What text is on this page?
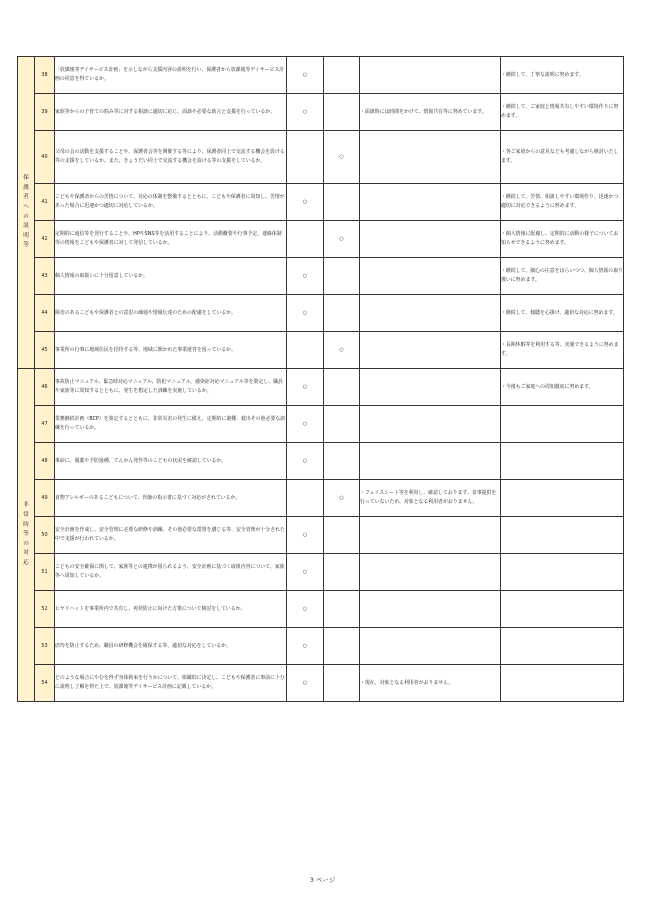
保護者への説明等	38	「放課後等デイサービス計画」を示しながら支援内容の説明を行い、保護者から放課後等デイサービス計画の同意を得ているか。	○			・継続して、丁寧な説明に努めます。
	39	家族等からの子育ての悩み等に対する相談に適切に応じ、面談や必要な助言と支援を行っているか。	○		・面談時には時間をかけて、情報共有等に努めています。	・継続して、ご家庭と情報共有しやすい環境作りに努めます。
	40	父母の会の活動を支援することや、保護者会等を開催する等により、保護者同士で交流する機会を設ける等の支援をしているか。また、きょうだい同士で交流する機会を設ける等の支援をしているか。		○		・各ご家庭からの意見なども考慮しながら検討いたします。
	41	こどもや保護者からの苦情について、対応の体制を整備するとともに、こどもや保護者に周知し、苦情があった場合に迅速かつ適切に対応しているか。	○			・継続して、苦情、相談しやすい環境作り、迅速かつ適切に対応できるように努めます。
	42	定期的に通信等を発行することや、HPやSNS等を活用することにより、活動概要や行事予定、連絡体制等の情報をこどもや保護者に対して発信しているか。		○		・個人情報に配慮し、定期的に活動の様子についてお知らせできるように努めます。
	43	個人情報の取扱いに十分留意しているか。	○			・継続して、細心の注意をはらいつつ、個人情報の取り扱いに努めます。
	44	障害のあるこどもや保護者との意思の疎通や情報伝達のための配慮をしているか。	○			・継続して、傾聴を心掛け、適切な対応に努めます。
	45	事業所の行事に地域住民を招待する等、地域に開かれた事業運営を図っているか。		○		・長期休暇等を利用する等、実施できるように努めます。
非常時等の対応	46	事故防止マニュアル、緊急時対応マニュアル、防犯マニュアル、感染症対応マニュアル等を策定し、職員や家族等に周知するとともに、発生を想定した訓練を実施しているか。	○			・今後もご家庭への周知徹底に努めます。
	47	業務継続計画（BCP）を策定するとともに、非常災害の発生に備え、定期的に避難、救出その他必要な訓練を行っているか。	○			
	48	事前に、服薬や予防接種、てんかん発作等のこどもの状況を確認しているか。	○			
	49	食物アレルギーのあるこどもについて、医師の指示書に基づく対応がされているか。		○	・フェイスシート等を利用し、確認しております。食事提供を行っていないため、対象となる利用者がおりません。	
	50	安全計画を作成し、安全管理に必要な研修や訓練、その他必要な措置を講じる等、安全管理が十分された中で支援が行われているか。	○			
	51	こどもの安全確保に関して、家族等との連携が図られるよう、安全計画に基づく取組内容について、家族等へ周知しているか。	○			
	52	ヒヤリハットを事業所内で共有し、再発防止に向けた方策について検討をしているか。	○			
	53	虐待を防止するため、職員の研修機会を確保する等、適切な対応をしているか。	○			
	54	どのような場合にやむを得ず身体拘束を行うかについて、組織的に決定し、こどもや保護者に事前に十分に説明し了解を得た上で、放課後等デイサービス計画に記載しているか。	○		・現在、対象となる利用者がおりません。	
3 ページ
